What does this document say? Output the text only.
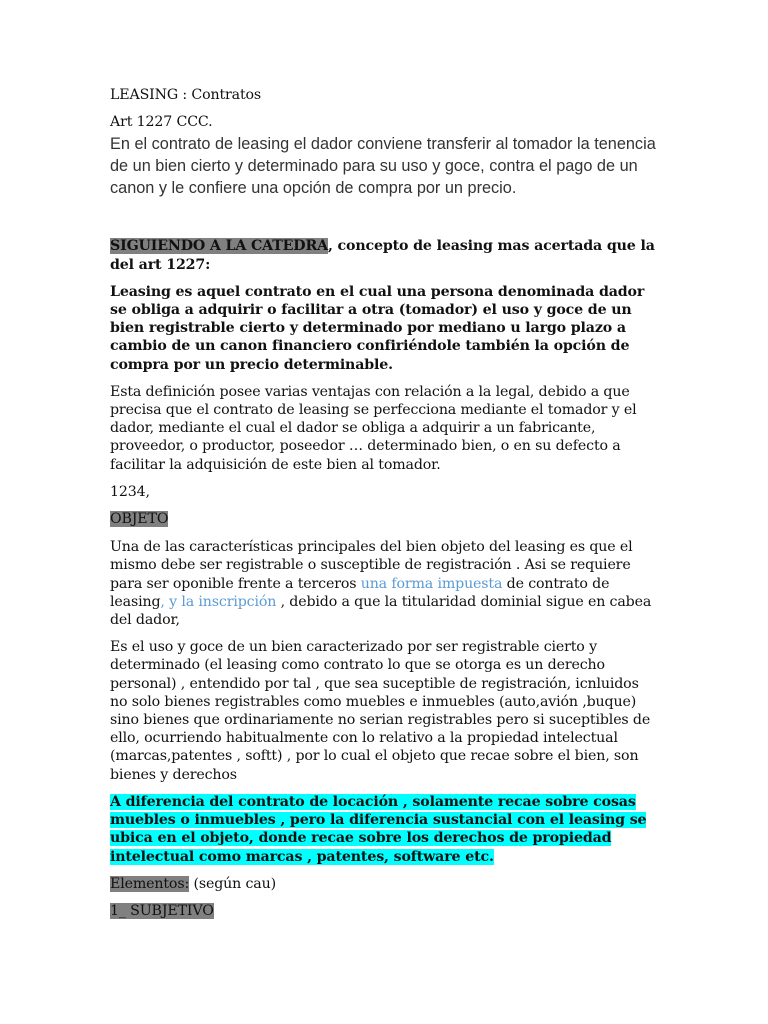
LEASING : Contratos

Art 1227 CCC.

En el contrato de leasing el dador conviene transferir al tomador la tenencia de un bien cierto y determinado para su uso y goce, contra el pago de un canon y le confiere una opción de compra por un precio.

SIGUIENDO A LA CATEDRA, concepto de leasing mas acertada que la del art 1227:

Leasing es aquel contrato en el cual una persona denominada dador se obliga a adquirir o facilitar a otra (tomador) el uso y goce de un bien registrable cierto y determinado por mediano u largo plazo a cambio de un canon financiero confiriéndole también la opción de compra por un precio determinable.

Esta definición posee varias ventajas con relación a la legal, debido a que precisa que el contrato de leasing se perfecciona mediante el tomador y el dador, mediante el cual el dador se obliga a adquirir a un fabricante, proveedor, o productor, poseedor … determinado bien, o en su defecto a facilitar la adquisición de este bien al tomador.

1234,

OBJETO

Una de las características principales del bien objeto del leasing es que el mismo debe ser registrable o susceptible de registración . Asi se requiere para ser oponible frente a terceros una forma impuesta de contrato de leasing, y la inscripción , debido a que la titularidad dominial sigue en cabea del dador,

Es el uso y goce de un bien caracterizado por ser registrable cierto y determinado (el leasing como contrato lo que se otorga es un derecho personal) , entendido por tal , que sea suceptible de registración, icnluidos no solo bienes registrables como muebles e inmuebles (auto,avión ,buque) sino bienes que ordinariamente no serian registrables pero si suceptibles de ello, ocurriendo habitualmente con lo relativo a la propiedad intelectual (marcas,patentes , softt) , por lo cual el objeto que recae sobre el bien, son bienes y derechos

A diferencia del contrato de locación , solamente recae sobre cosas muebles o inmuebles , pero la diferencia sustancial con el leasing se ubica en el objeto, donde recae sobre los derechos de propiedad intelectual como marcas , patentes, software etc.

Elementos: (según cau)

1_ SUBJETIVO
